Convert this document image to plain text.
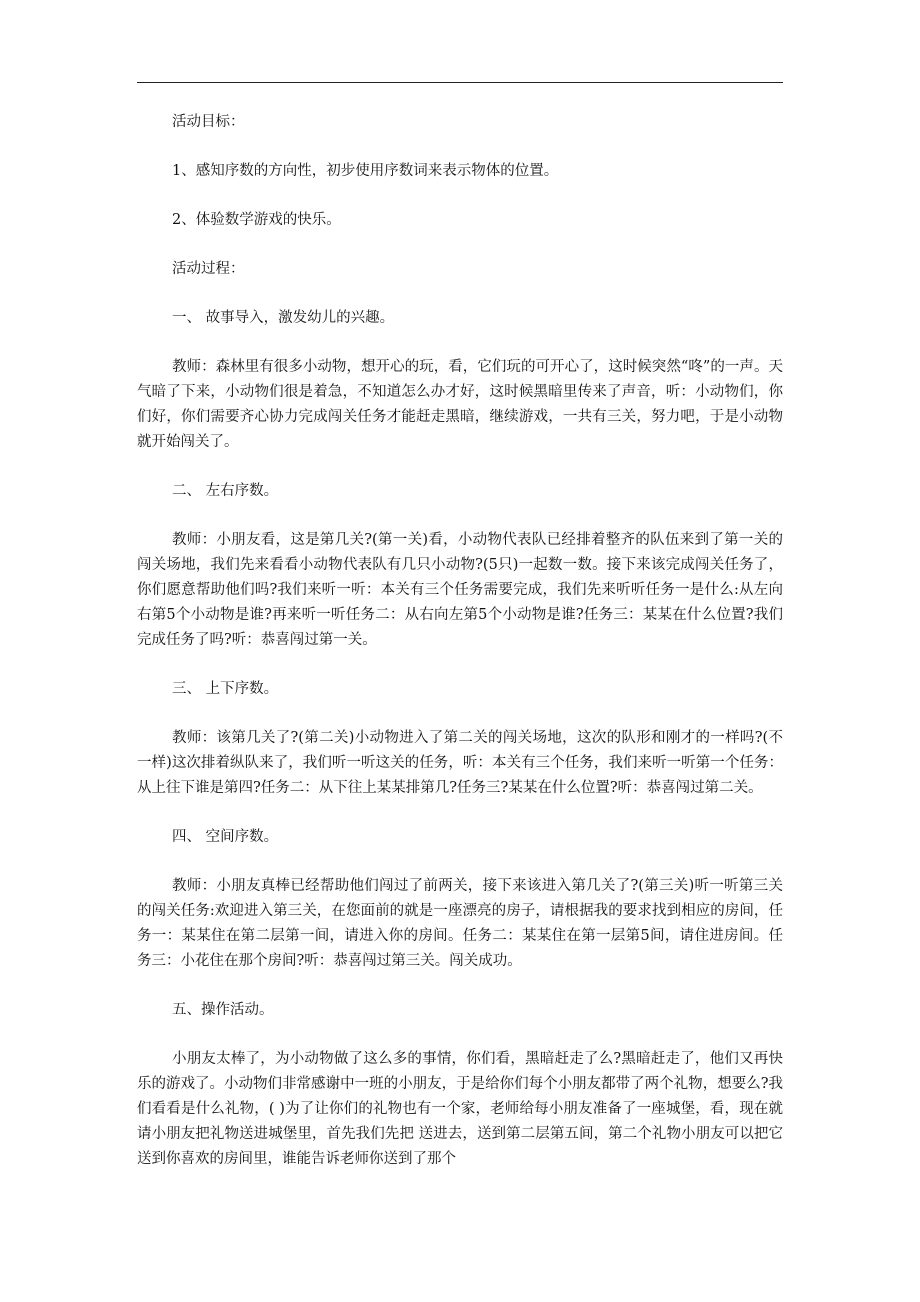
活动目标：
1、感知序数的方向性，初步使用序数词来表示物体的位置。
2、体验数学游戏的快乐。
活动过程：
一、 故事导入，激发幼儿的兴趣。

教师：森林里有很多小动物，想开心的玩，看，它们玩的可开心了，这时候突然“咚”的一声。天气暗了下来，小动物们很是着急，不知道怎么办才好，这时候黑暗里传来了声音，听：小动物们，你们好，你们需要齐心协力完成闯关任务才能赶走黑暗，继续游戏，一共有三关，努力吧，于是小动物就开始闯关了。

二、 左右序数。

教师：小朋友看，这是第几关?(第一关)看，小动物代表队已经排着整齐的队伍来到了第一关的闯关场地，我们先来看看小动物代表队有几只小动物?(5只)一起数一数。接下来该完成闯关任务了，你们愿意帮助他们吗?我们来听一听：本关有三个任务需要完成，我们先来听听任务一是什么:从左向右第5个小动物是谁?再来听一听任务二：从右向左第5个小动物是谁?任务三：某某在什么位置?我们完成任务了吗?听：恭喜闯过第一关。

三、 上下序数。

教师：该第几关了?(第二关)小动物进入了第二关的闯关场地，这次的队形和刚才的一样吗?(不一样)这次排着纵队来了，我们听一听这关的任务，听：本关有三个任务，我们来听一听第一个任务：从上往下谁是第四?任务二：从下往上某某排第几?任务三?某某在什么位置?听：恭喜闯过第二关。

四、 空间序数。

教师：小朋友真棒已经帮助他们闯过了前两关，接下来该进入第几关了?(第三关)听一听第三关的闯关任务:欢迎进入第三关，在您面前的就是一座漂亮的房子，请根据我的要求找到相应的房间，任务一：某某住在第二层第一间，请进入你的房间。任务二：某某住在第一层第5间，请住进房间。任务三：小花住在那个房间?听：恭喜闯过第三关。闯关成功。

五、操作活动。

小朋友太棒了，为小动物做了这么多的事情，你们看，黑暗赶走了么?黑暗赶走了，他们又再快乐的游戏了。小动物们非常感谢中一班的小朋友，于是给你们每个小朋友都带了两个礼物，想要么?我们看看是什么礼物，( )为了让你们的礼物也有一个家，老师给每小朋友准备了一座城堡，看，现在就请小朋友把礼物送进城堡里，首先我们先把 送进去，送到第二层第五间，第二个礼物小朋友可以把它送到你喜欢的房间里，谁能告诉老师你送到了那个
